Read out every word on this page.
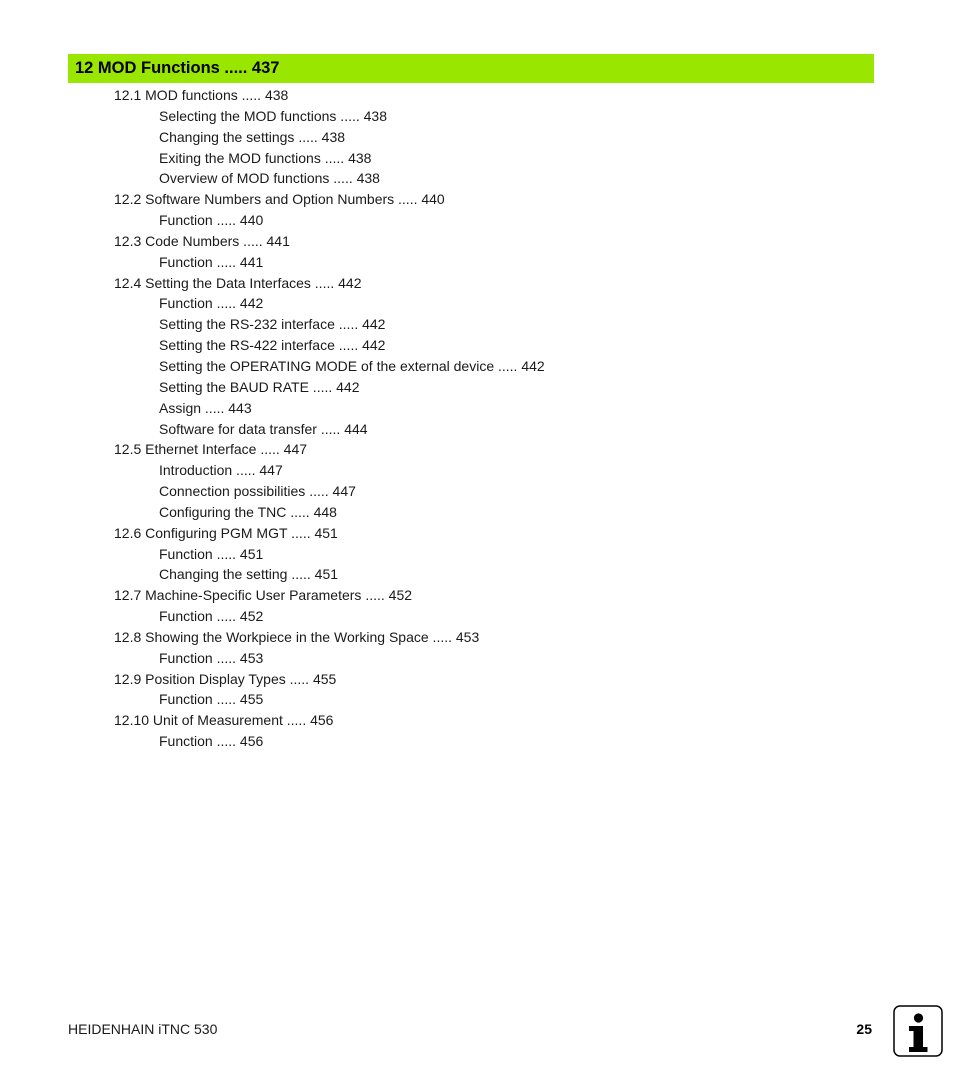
12 MOD Functions ..... 437
12.1 MOD functions ..... 438
Selecting the MOD functions ..... 438
Changing the settings ..... 438
Exiting the MOD functions ..... 438
Overview of MOD functions ..... 438
12.2 Software Numbers and Option Numbers ..... 440
Function ..... 440
12.3 Code Numbers ..... 441
Function ..... 441
12.4 Setting the Data Interfaces ..... 442
Function ..... 442
Setting the RS-232 interface ..... 442
Setting the RS-422 interface ..... 442
Setting the OPERATING MODE of the external device ..... 442
Setting the BAUD RATE ..... 442
Assign ..... 443
Software for data transfer ..... 444
12.5 Ethernet Interface ..... 447
Introduction ..... 447
Connection possibilities ..... 447
Configuring the TNC ..... 448
12.6 Configuring PGM MGT ..... 451
Function ..... 451
Changing the setting ..... 451
12.7 Machine-Specific User Parameters ..... 452
Function ..... 452
12.8 Showing the Workpiece in the Working Space ..... 453
Function ..... 453
12.9 Position Display Types ..... 455
Function ..... 455
12.10 Unit of Measurement ..... 456
Function ..... 456
HEIDENHAIN iTNC 530	25
